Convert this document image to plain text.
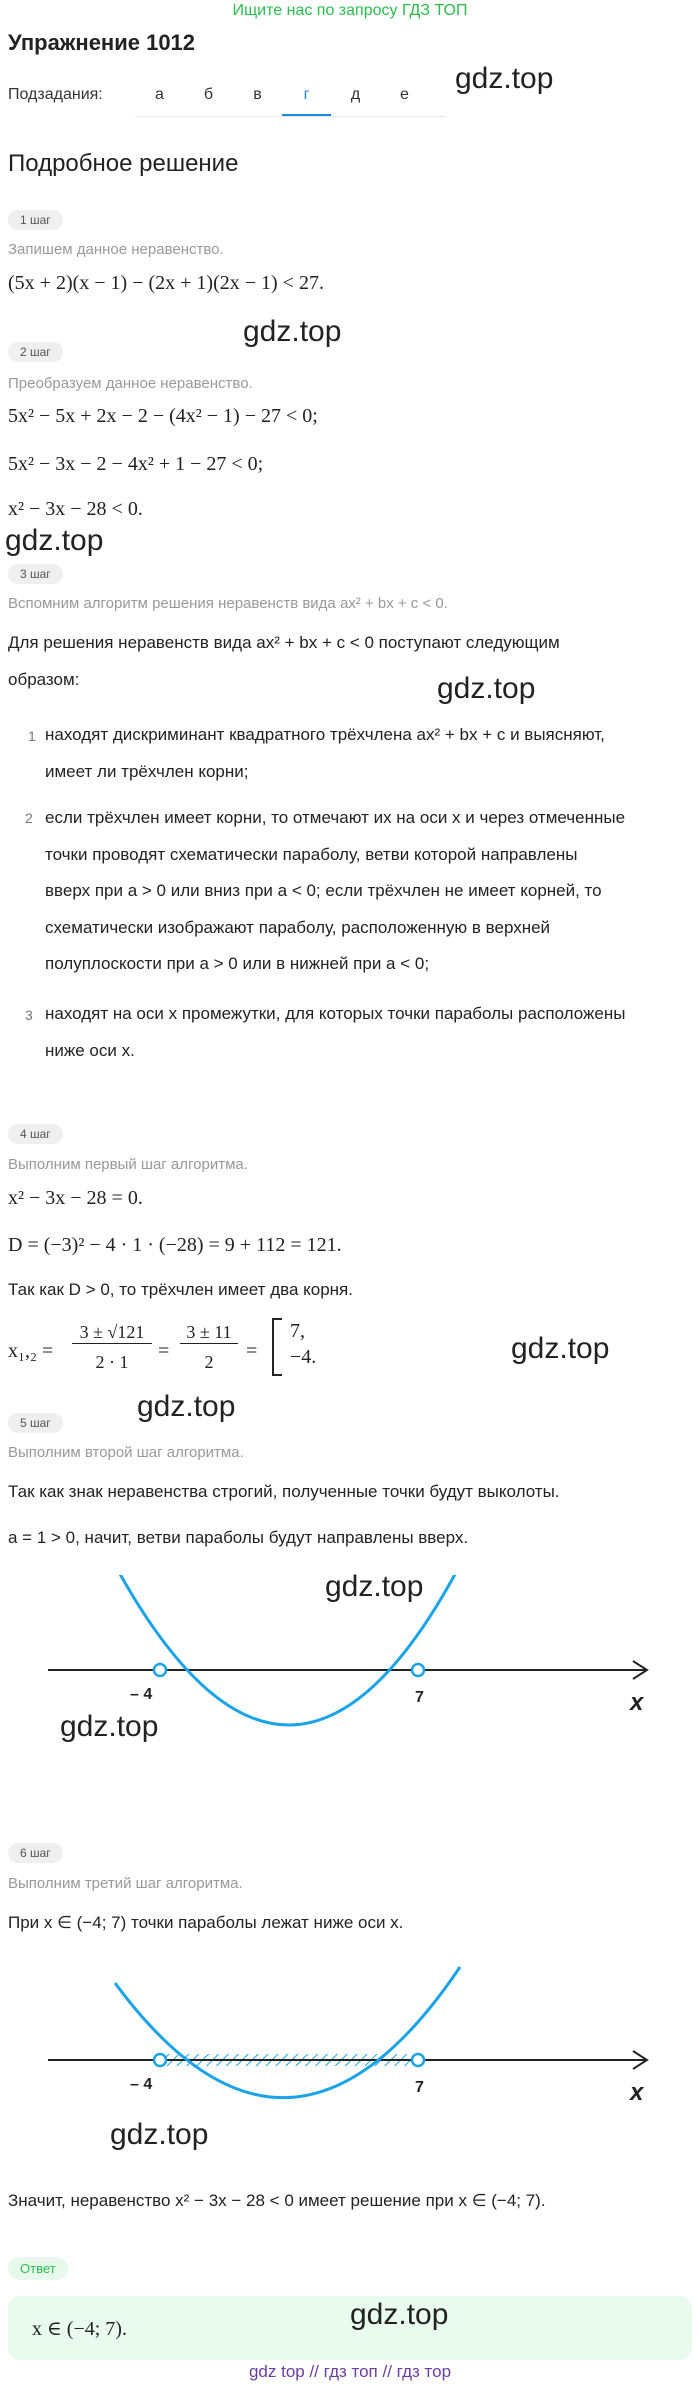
Ищите нас по запросу ГДЗ ТОП
Упражнение 1012
Подзадания:	а	б	в	г	д	е	gdz.top
Подробное решение
1 шаг
Запишем данное неравенство.
(5x + 2)(x − 1) − (2x + 1)(2x − 1) < 27.
gdz.top
2 шаг
Преобразуем данное неравенство.
5x² − 5x + 2x − 2 − (4x² − 1) − 27 < 0;
5x² − 3x − 2 − 4x² + 1 − 27 < 0;
x² − 3x − 28 < 0.
gdz.top
3 шаг
Вспомним алгоритм решения неравенств вида ax² + bx + c < 0.
Для решения неравенств вида ax² + bx + c < 0 поступают следующим
образом:	gdz.top
1 находят дискриминант квадратного трёхчлена ax² + bx + c и выясняют,
имеет ли трёхчлен корни;
2 если трёхчлен имеет корни, то отмечают их на оси x и через отмеченные
точки проводят схематически параболу, ветви которой направлены
вверх при a > 0 или вниз при a < 0; если трёхчлен не имеет корней, то
схематически изображают параболу, расположенную в верхней
полуплоскости при a > 0 или в нижней при a < 0;
3 находят на оси x промежутки, для которых точки параболы расположены
ниже оси x.
4 шаг
Выполним первый шаг алгоритма.
x² − 3x − 28 = 0.
D = (−3)² − 4 · 1 · (−28) = 9 + 112 = 121.
Так как D > 0, то трёхчлен имеет два корня.
x₁,₂ =
3 ± √121
2 · 1	=
3 ± 11
2	=
7,
−4.	gdz.top
gdz.top
5 шаг
Выполним второй шаг алгоритма.
Так как знак неравенства строгий, полученные точки будут выколоты.
a = 1 > 0, начит, ветви параболы будут направлены вверх.
– 4	7	x
gdz.top
gdz.top
6 шаг
Выполним третий шаг алгоритма.
При x ∈ (−4; 7) точки параболы лежат ниже оси x.
– 4	7	x
gdz.top
Значит, неравенство x² − 3x − 28 < 0 имеет решение при x ∈ (−4; 7).
Ответ
x ∈ (−4; 7).	gdz.top
gdz top // гдз топ // гдз тор
